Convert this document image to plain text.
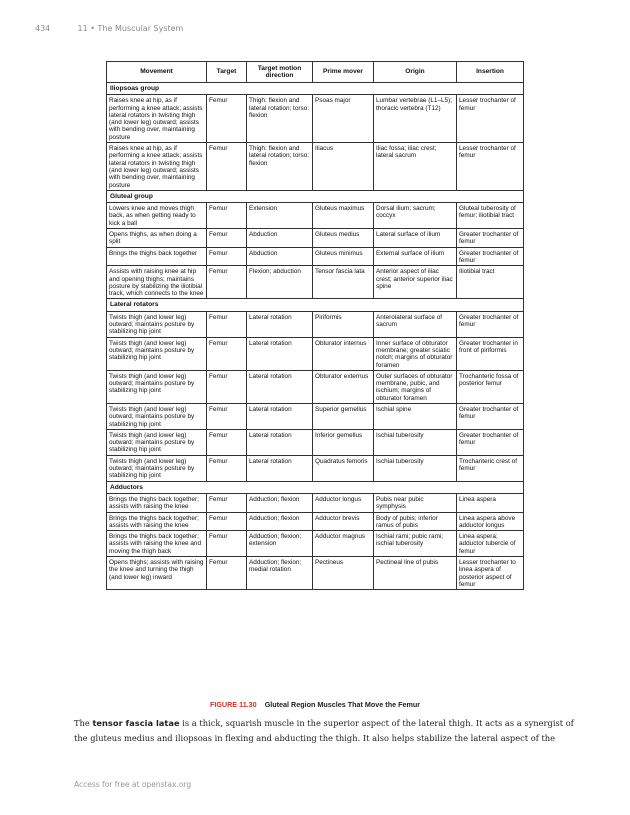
434	11 • The Muscular System
Movement	Target	Target motion direction	Prime mover	Origin	Insertion	
Iliopsoas group						
Raises knee at hip, as if performing a knee attack; assists lateral rotators in twisting thigh (and lower leg) outward; assists with bending over, maintaining posture	Femur	Thigh: flexion and lateral rotation; torso: flexion	Psoas major	Lumbar vertebrae (L1–L5); thoracic vertebra (T12)	Lesser trochanter of femur	
Raises knee at hip, as if performing a knee attack; assists lateral rotators in twisting thigh (and lower leg) outward; assists with bending over, maintaining posture	Femur	Thigh: flexion and lateral rotation; torso: flexion	Iliacus	Iliac fossa; iliac crest; lateral sacrum	Lesser trochanter of femur	
Gluteal group						
Lowers knee and moves thigh back, as when getting ready to kick a ball	Femur	Extension	Gluteus maximus	Dorsal ilium; sacrum; coccyx	Gluteal tuberosity of femur; iliotibial tract	
Opens thighs, as when doing a split	Femur	Abduction	Gluteus medius	Lateral surface of ilium	Greater trochanter of femur	
Brings the thighs back together	Femur	Abduction	Gluteus minimus	External surface of ilium	Greater trochanter of femur	
Assists with raising knee at hip and opening thighs; maintains posture by stabilizing the iliotibial track, which connects to the knee	Femur	Flexion; abduction	Tensor fascia lata	Anterior aspect of iliac crest; anterior superior iliac spine	Iliotibial tract	
Lateral rotators						
Twists thigh (and lower leg) outward; maintains posture by stabilizing hip joint	Femur	Lateral rotation	Piriformis	Anterolateral surface of sacrum	Greater trochanter of femur	
Twists thigh (and lower leg) outward; maintains posture by stabilizing hip joint	Femur	Lateral rotation	Obturator internus	Inner surface of obturator membrane; greater sciatic notch; margins of obturator foramen	Greater trochanter in front of piriformis	
Twists thigh (and lower leg) outward; maintains posture by stabilizing hip joint	Femur	Lateral rotation	Obturator externus	Outer surfaces of obturator membrane, pubic, and ischium; margins of obturator foramen	Trochanteric fossa of posterior femur	
Twists thigh (and lower leg) outward; maintains posture by stabilizing hip joint	Femur	Lateral rotation	Superior gemellus	Ischial spine	Greater trochanter of femur	
Twists thigh (and lower leg) outward; maintains posture by stabilizing hip joint	Femur	Lateral rotation	Inferior gemellus	Ischial tuberosity	Greater trochanter of femur	
Twists thigh (and lower leg) outward; maintains posture by stabilizing hip joint	Femur	Lateral rotation	Quadratus femoris	Ischial tuberosity	Trochanteric crest of femur	
Adductors						
Brings the thighs back together; assists with raising the knee	Femur	Adduction; flexion	Adductor longus	Pubis near pubic symphysis	Linea aspera	
Brings the thighs back together; assists with raising the knee	Femur	Adduction; flexion	Adductor brevis	Body of pubis; inferior ramus of pubis	Linea aspera above adductor longus	
Brings the thighs back together; assists with raising the knee and moving the thigh back	Femur	Adduction; flexion; extension	Adductor magnus	Ischial rami; pubic rami; ischial tuberosity	Linea aspera; adductor tubercle of femur	
Opens thighs; assists with raising the knee and turning the thigh (and lower leg) inward	Femur	Adduction; flexion; medial rotation	Pectineus	Pectineal line of pubis	Lesser trochanter to linea aspera of posterior aspect of femur	
FIGURE 11.30 Gluteal Region Muscles That Move the Femur
The tensor fascia latae is a thick, squarish muscle in the superior aspect of the lateral thigh. It acts as a synergist of the gluteus medius and iliopsoas in flexing and abducting the thigh. It also helps stabilize the lateral aspect of the
Access for free at openstax.org
